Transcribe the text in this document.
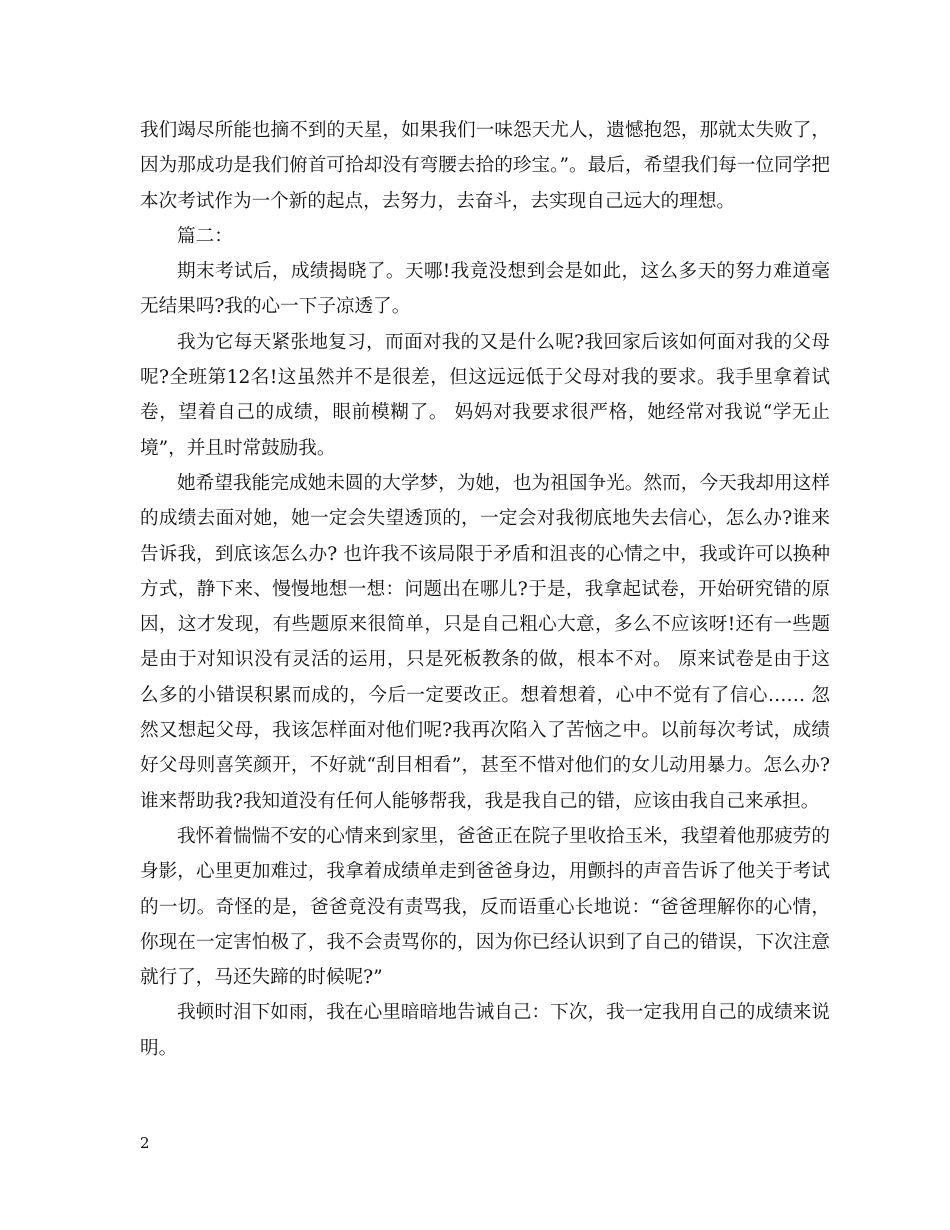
我们竭尽所能也摘不到的天星，如果我们一味怨天尤人，遗憾抱怨，那就太失败了，因为那成功是我们俯首可拾却没有弯腰去拾的珍宝。”。最后，希望我们每一位同学把本次考试作为一个新的起点，去努力，去奋斗，去实现自己远大的理想。

篇二：

期末考试后，成绩揭晓了。天哪!我竟没想到会是如此，这么多天的努力难道毫无结果吗?我的心一下子凉透了。

我为它每天紧张地复习，而面对我的又是什么呢?我回家后该如何面对我的父母呢?全班第12名!这虽然并不是很差，但这远远低于父母对我的要求。我手里拿着试卷，望着自己的成绩，眼前模糊了。 妈妈对我要求很严格，她经常对我说“学无止境”，并且时常鼓励我。

她希望我能完成她未圆的大学梦，为她，也为祖国争光。然而，今天我却用这样的成绩去面对她，她一定会失望透顶的，一定会对我彻底地失去信心，怎么办?谁来告诉我，到底该怎么办? 也许我不该局限于矛盾和沮丧的心情之中，我或许可以换种方式，静下来、慢慢地想一想：问题出在哪儿?于是，我拿起试卷，开始研究错的原因，这才发现，有些题原来很简单，只是自己粗心大意，多么不应该呀!还有一些题是由于对知识没有灵活的运用，只是死板教条的做，根本不对。 原来试卷是由于这么多的小错误积累而成的，今后一定要改正。想着想着，心中不觉有了信心…… 忽然又想起父母，我该怎样面对他们呢?我再次陷入了苦恼之中。以前每次考试，成绩好父母则喜笑颜开，不好就“刮目相看”，甚至不惜对他们的女儿动用暴力。怎么办?谁来帮助我?我知道没有任何人能够帮我，我是我自己的错，应该由我自己来承担。

我怀着惴惴不安的心情来到家里，爸爸正在院子里收拾玉米，我望着他那疲劳的身影，心里更加难过，我拿着成绩单走到爸爸身边，用颤抖的声音告诉了他关于考试的一切。奇怪的是，爸爸竟没有责骂我，反而语重心长地说：“爸爸理解你的心情，你现在一定害怕极了，我不会责骂你的，因为你已经认识到了自己的错误，下次注意就行了，马还失蹄的时候呢?”

我顿时泪下如雨，我在心里暗暗地告诫自己：下次，我一定我用自己的成绩来说明。

2
